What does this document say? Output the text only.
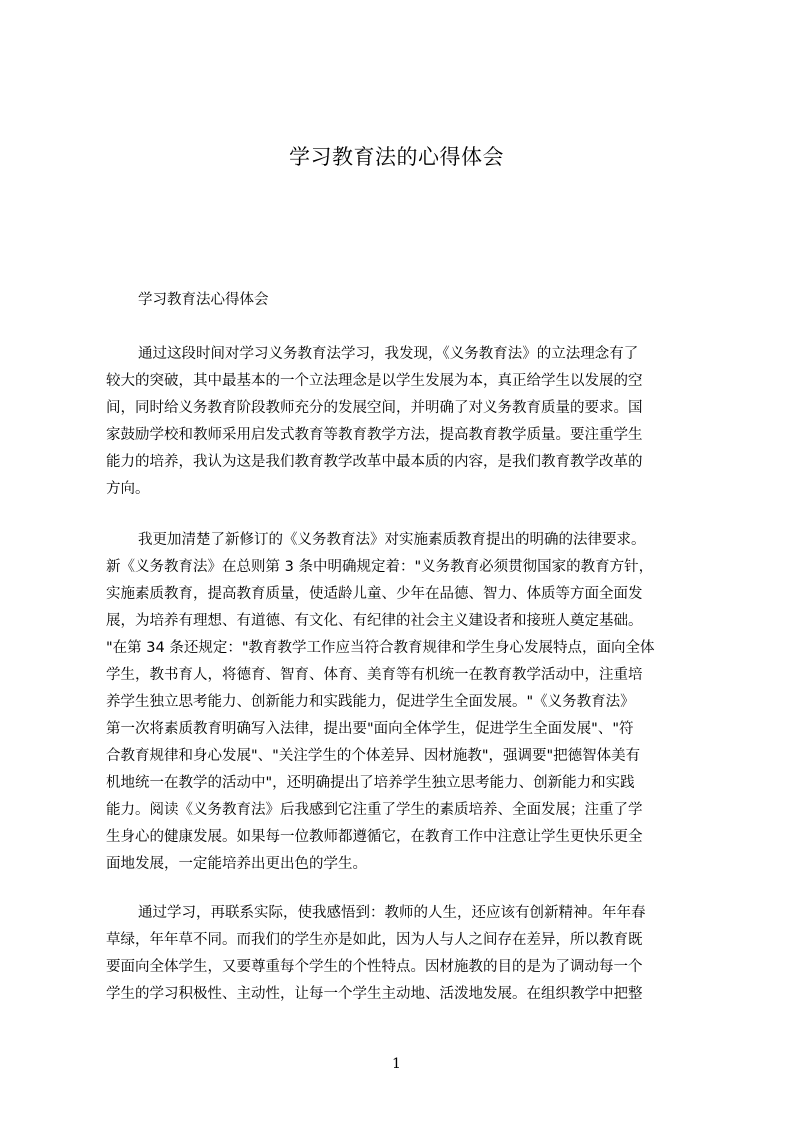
学习教育法的心得体会
学习教育法心得体会
通过这段时间对学习义务教育法学习，我发现，《义务教育法》的立法理念有了
较大的突破，其中最基本的一个立法理念是以学生发展为本，真正给学生以发展的空
间，同时给义务教育阶段教师充分的发展空间，并明确了对义务教育质量的要求。国
家鼓励学校和教师采用启发式教育等教育教学方法，提高教育教学质量。要注重学生
能力的培养，我认为这是我们教育教学改革中最本质的内容，是我们教育教学改革的
方向。
我更加清楚了新修订的《义务教育法》对实施素质教育提出的明确的法律要求。
新《义务教育法》在总则第 3 条中明确规定着："义务教育必须贯彻国家的教育方针，
实施素质教育，提高教育质量，使适龄儿童、少年在品德、智力、体质等方面全面发
展，为培养有理想、有道德、有文化、有纪律的社会主义建设者和接班人奠定基础。
"在第 34 条还规定："教育教学工作应当符合教育规律和学生身心发展特点，面向全体
学生，教书育人，将德育、智育、体育、美育等有机统一在教育教学活动中，注重培
养学生独立思考能力、创新能力和实践能力，促进学生全面发展。"《义务教育法》
第一次将素质教育明确写入法律，提出要"面向全体学生，促进学生全面发展"、"符
合教育规律和身心发展"、"关注学生的个体差异、因材施教"，强调要"把德智体美有
机地统一在教学的活动中"，还明确提出了培养学生独立思考能力、创新能力和实践
能力。阅读《义务教育法》后我感到它注重了学生的素质培养、全面发展；注重了学
生身心的健康发展。如果每一位教师都遵循它，在教育工作中注意让学生更快乐更全
面地发展，一定能培养出更出色的学生。
通过学习，再联系实际，使我感悟到：教师的人生，还应该有创新精神。年年春
草绿，年年草不同。而我们的学生亦是如此，因为人与人之间存在差异，所以教育既
要面向全体学生，又要尊重每个学生的个性特点。因材施教的目的是为了调动每一个
学生的学习积极性、主动性，让每一个学生主动地、活泼地发展。在组织教学中把整
1
